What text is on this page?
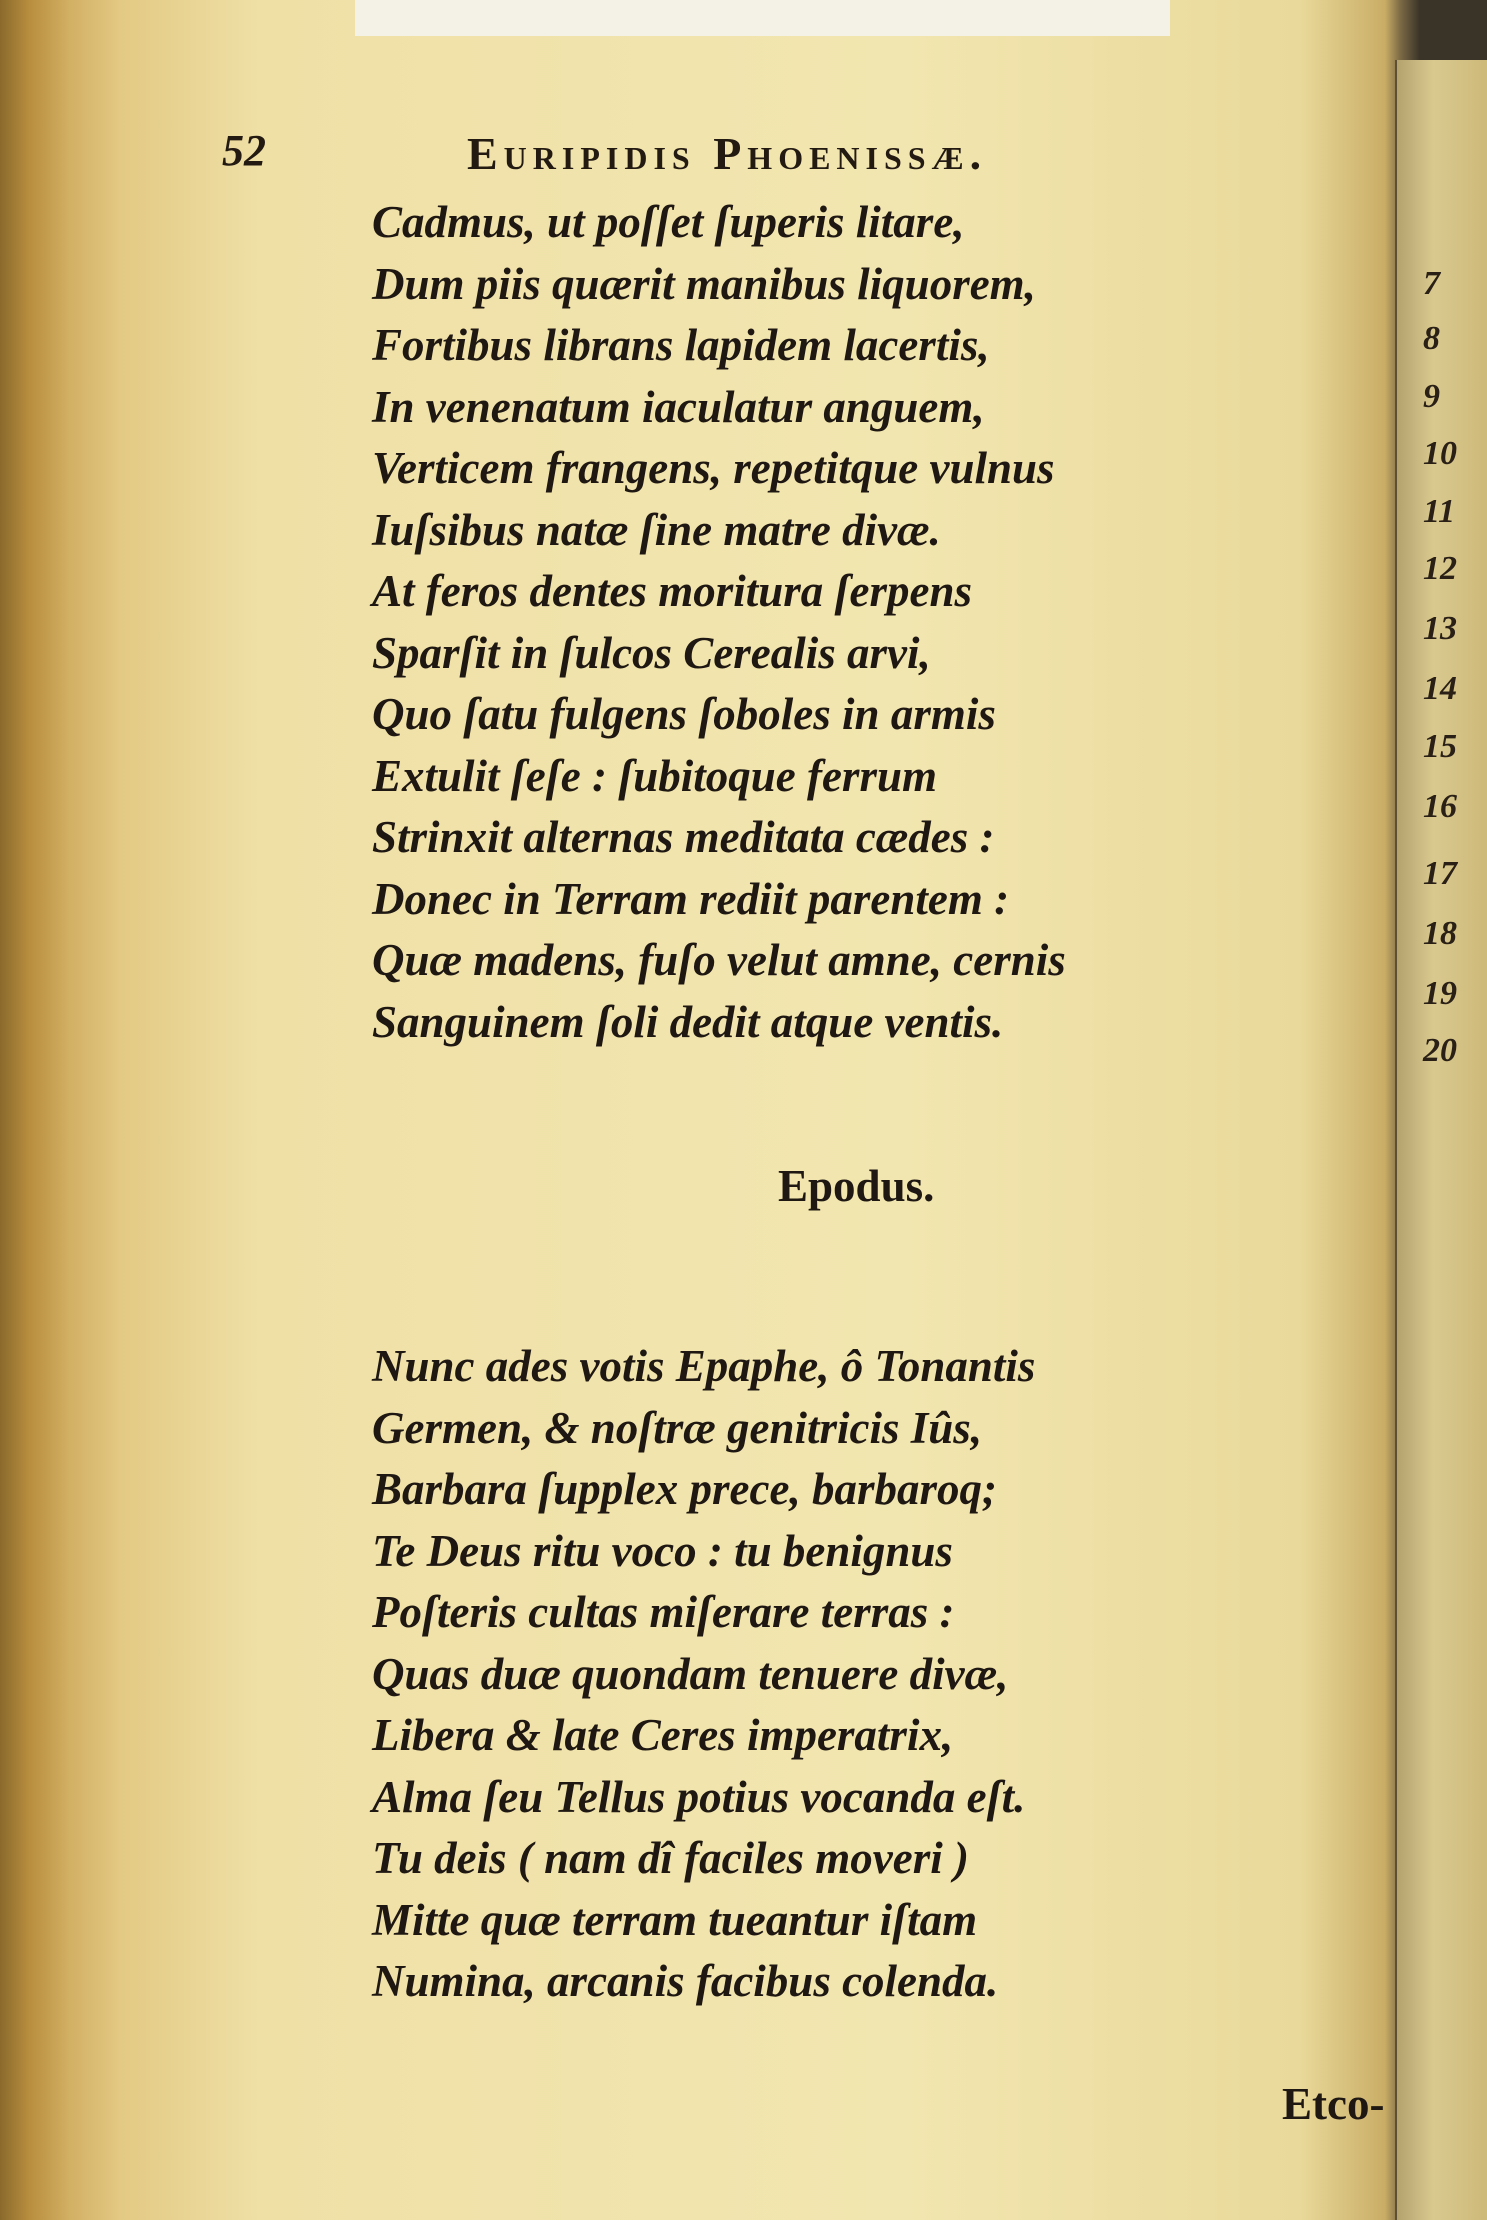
7
8
9
10
11
12
13
14
15
16
17
18
19
20
52	Euripidis Phoenissæ.
Cadmus, ut poſſet ſuperis litare,
Dum piis quærit manibus liquorem,
Fortibus librans lapidem lacertis,
In venenatum iaculatur anguem,
Verticem frangens, repetitque vulnus
Iuſsibus natæ ſine matre divæ.
At feros dentes moritura ſerpens
Sparſit in ſulcos Cerealis arvi,
Quo ſatu fulgens ſoboles in armis
Extulit ſeſe : ſubitoque ferrum
Strinxit alternas meditata cædes :
Donec in Terram rediit parentem :
Quæ madens, fuſo velut amne, cernis
Sanguinem ſoli dedit atque ventis.
Epodus.
Nunc ades votis Epaphe, ô Tonantis
Germen, & noſtræ genitricis Iûs,
Barbara ſupplex prece, barbaroq;
Te Deus ritu voco : tu benignus
Poſteris cultas miſerare terras :
Quas duæ quondam tenuere divæ,
Libera & late Ceres imperatrix,
Alma ſeu Tellus potius vocanda eſt.
Tu deis ( nam dî faciles moveri )
Mitte quæ terram tueantur iſtam
Numina, arcanis facibus colenda.
Etco-
